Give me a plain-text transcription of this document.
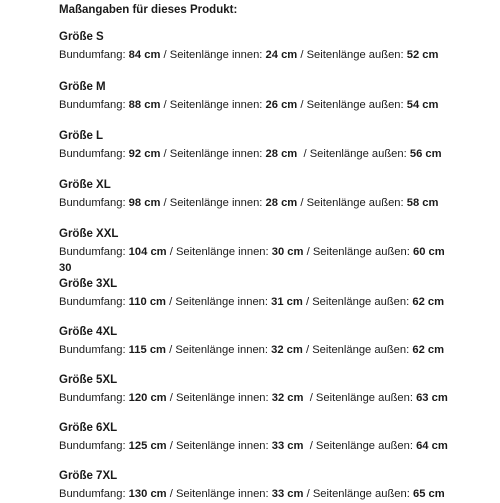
Maßangaben für dieses Produkt:
Größe S
Bundumfang: 84 cm / Seitenlänge innen: 24 cm / Seitenlänge außen: 52 cm
Größe M
Bundumfang: 88 cm / Seitenlänge innen: 26 cm / Seitenlänge außen: 54 cm
Größe L
Bundumfang: 92 cm / Seitenlänge innen: 28 cm  / Seitenlänge außen: 56 cm
Größe XL
Bundumfang: 98 cm / Seitenlänge innen: 28 cm / Seitenlänge außen: 58 cm
Größe XXL
Bundumfang: 104 cm / Seitenlänge innen: 30 cm / Seitenlänge außen: 60 cm
30
Größe 3XL
Bundumfang: 110 cm / Seitenlänge innen: 31 cm / Seitenlänge außen: 62 cm
Größe 4XL
Bundumfang: 115 cm / Seitenlänge innen: 32 cm / Seitenlänge außen: 62 cm
Größe 5XL
Bundumfang: 120 cm / Seitenlänge innen: 32 cm  / Seitenlänge außen: 63 cm
Größe 6XL
Bundumfang: 125 cm / Seitenlänge innen: 33 cm  / Seitenlänge außen: 64 cm
Größe 7XL
Bundumfang: 130 cm / Seitenlänge innen: 33 cm / Seitenlänge außen: 65 cm
